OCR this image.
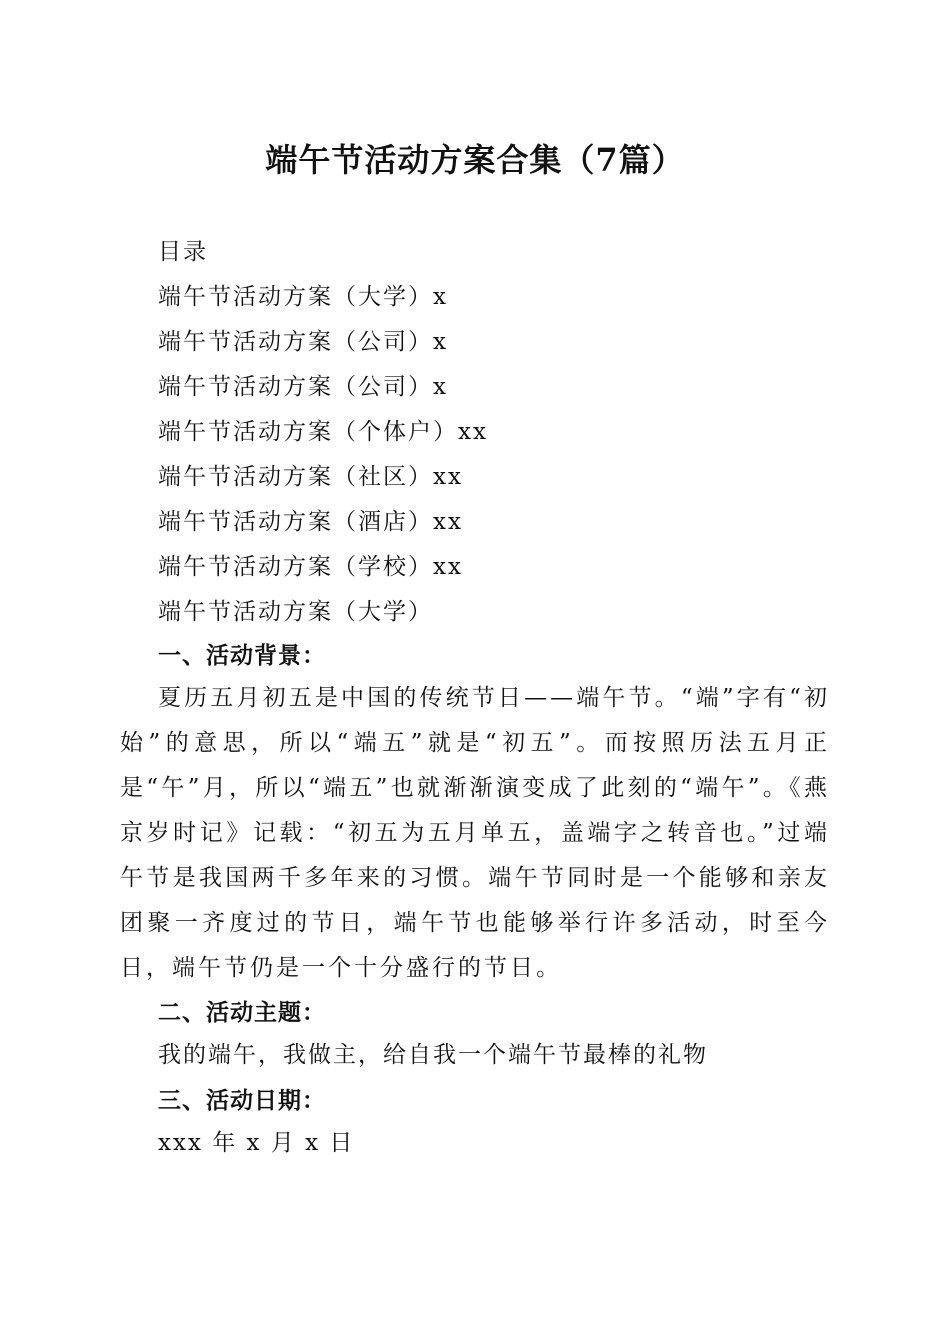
端午节活动方案合集（7篇）
目录
端午节活动方案（大学）x
端午节活动方案（公司）x
端午节活动方案（公司）x
端午节活动方案（个体户）xx
端午节活动方案（社区）xx
端午节活动方案（酒店）xx
端午节活动方案（学校）xx
端午节活动方案（大学）
一、活动背景：

夏历五月初五是中国的传统节日——端午节。“端”字有“初始”的意思，所以“端五”就是“初五”。而按照历法五月正是“午”月，所以“端五”也就渐渐演变成了此刻的“端午”。《燕京岁时记》记载：“初五为五月单五，盖端字之转音也。”过端午节是我国两千多年来的习惯。端午节同时是一个能够和亲友团聚一齐度过的节日，端午节也能够举行许多活动，时至今日，端午节仍是一个十分盛行的节日。

二、活动主题：
我的端午，我做主，给自我一个端午节最棒的礼物
三、活动日期：
xxx 年 x 月 x 日
